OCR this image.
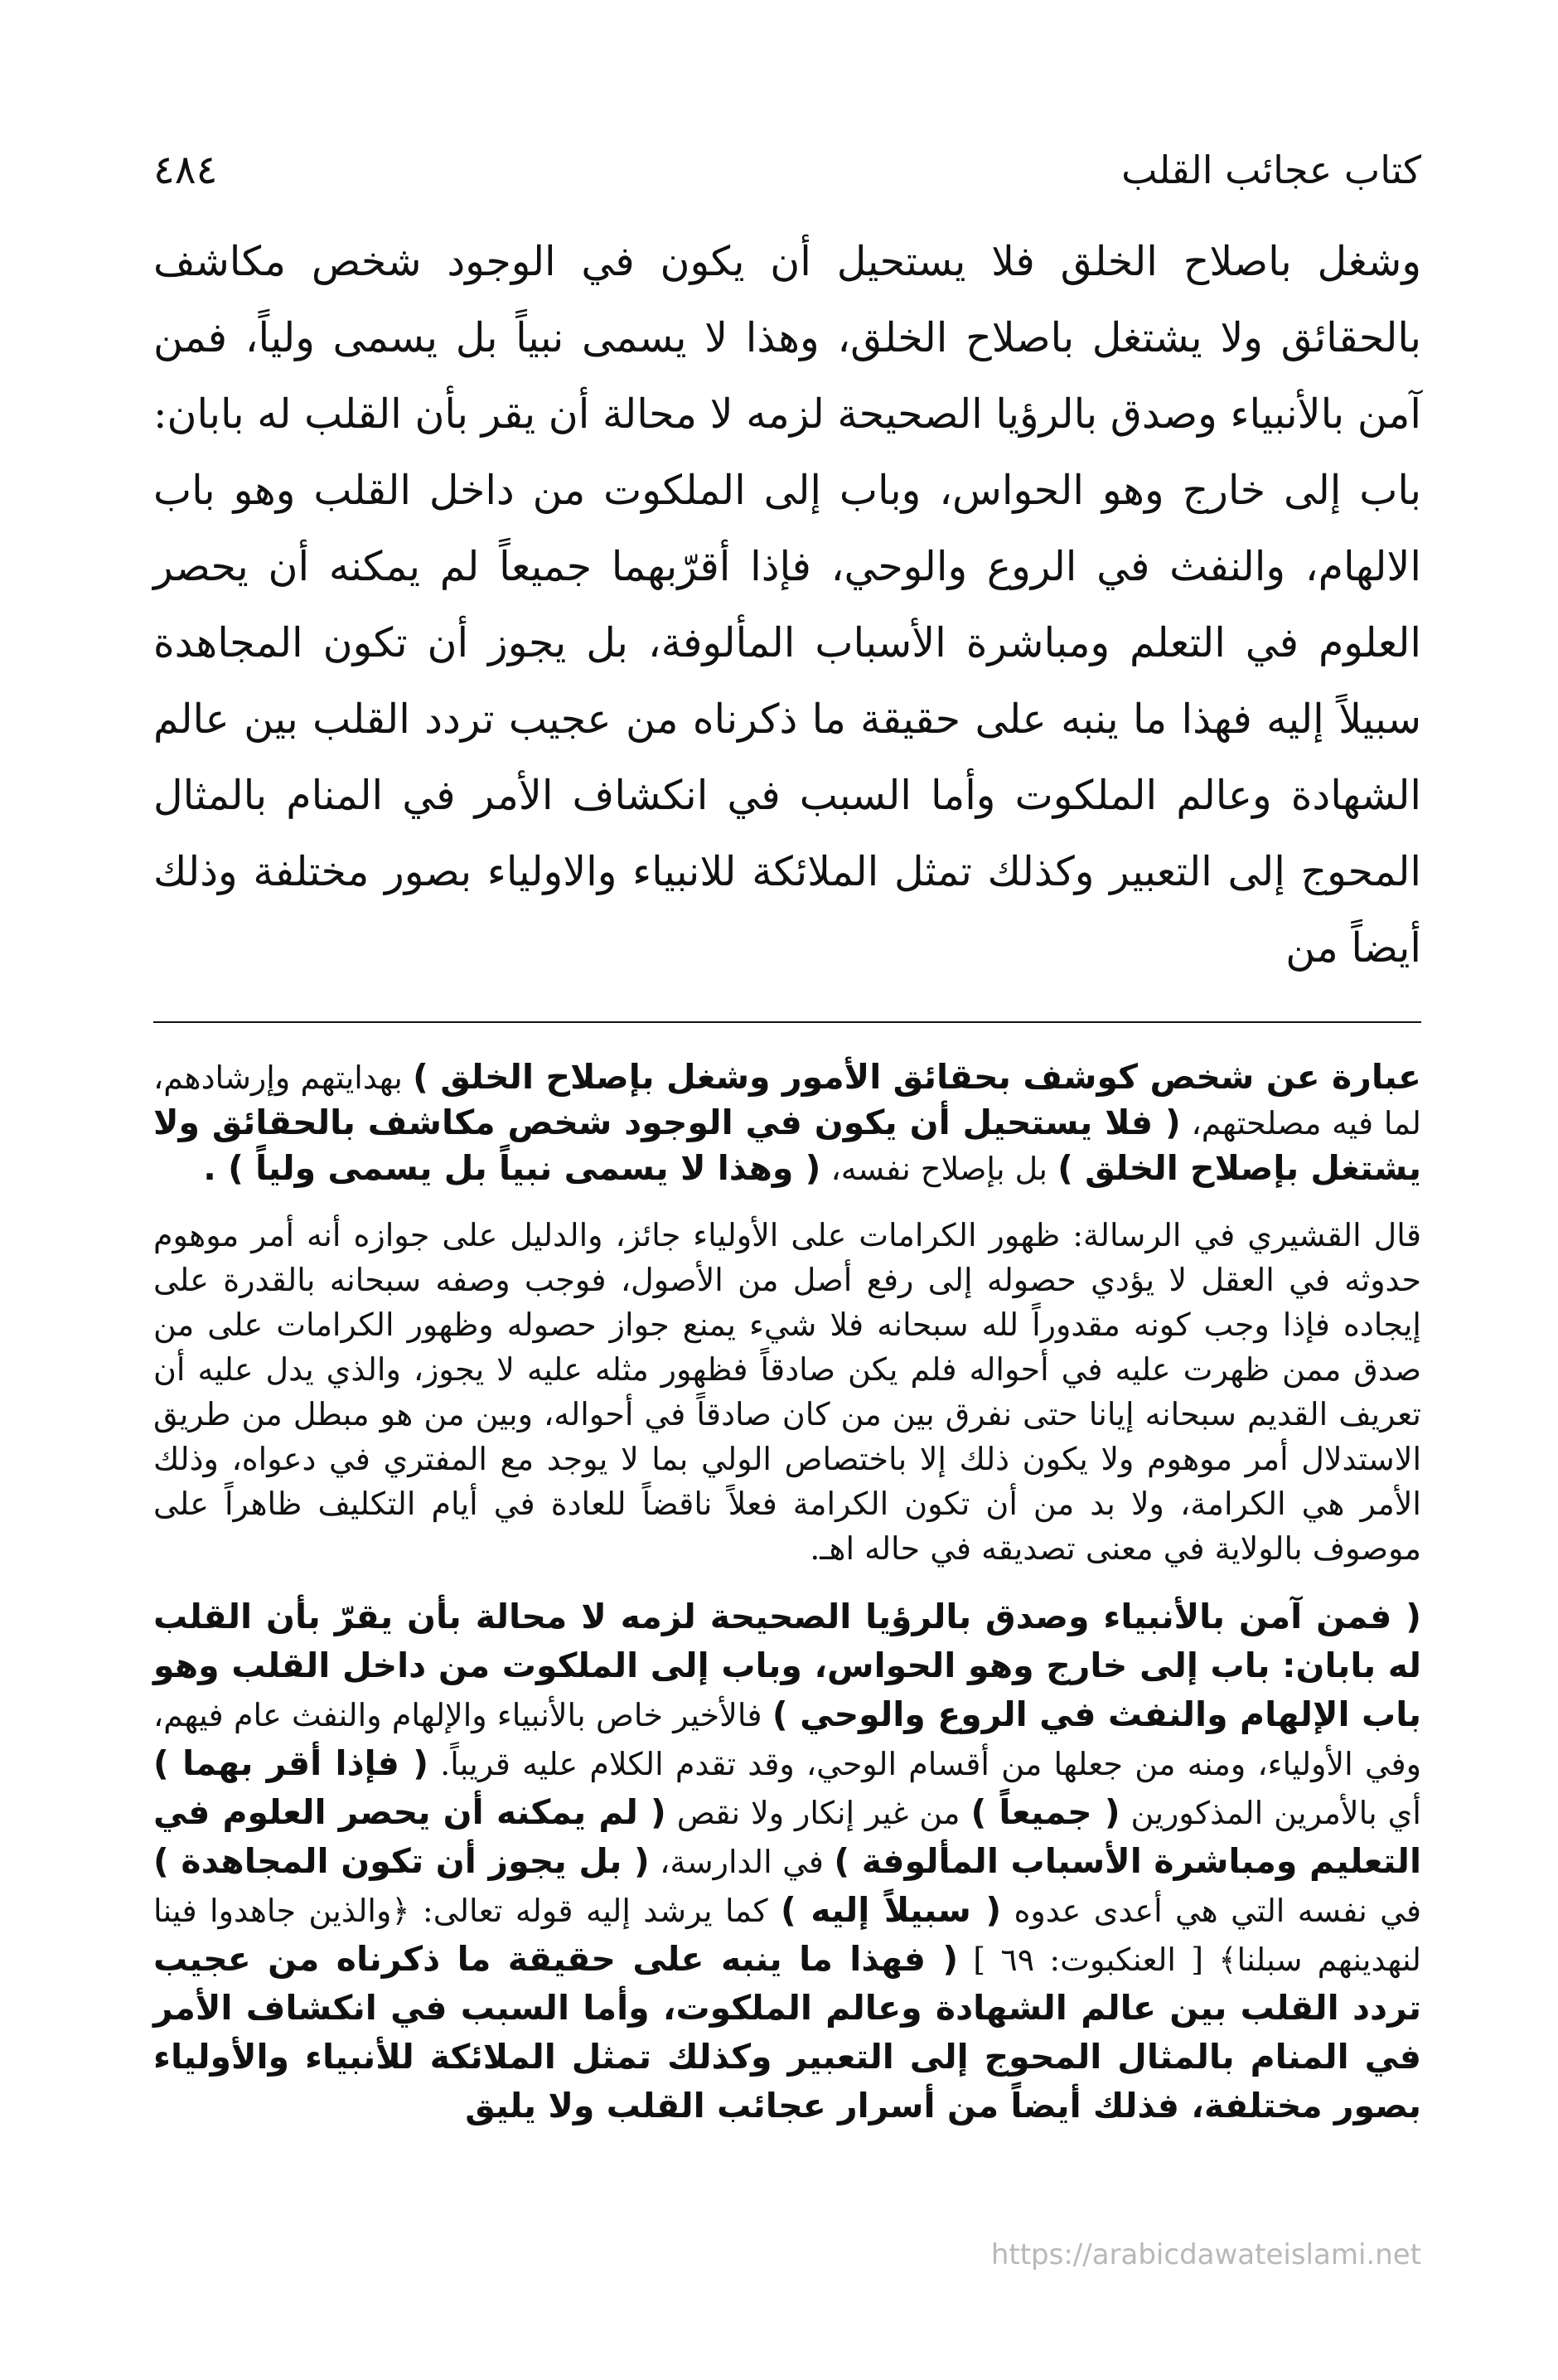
كتاب عجائب القلب
٤٨٤

وشغل باصلاح الخلق فلا يستحيل أن يكون في الوجود شخص مكاشف بالحقائق ولا يشتغل باصلاح الخلق، وهذا لا يسمى نبياً بل يسمى ولياً، فمن آمن بالأنبياء وصدق بالرؤيا الصحيحة لزمه لا محالة أن يقر بأن القلب له بابان: باب إلى خارج وهو الحواس، وباب إلى الملكوت من داخل القلب وهو باب الالهام، والنفث في الروع والوحي، فإذا أقرّبهما جميعاً لم يمكنه أن يحصر العلوم في التعلم ومباشرة الأسباب المألوفة، بل يجوز أن تكون المجاهدة سبيلاً إليه فهذا ما ينبه على حقيقة ما ذكرناه من عجيب تردد القلب بين عالم الشهادة وعالم الملكوت وأما السبب في انكشاف الأمر في المنام بالمثال المحوج إلى التعبير وكذلك تمثل الملائكة للانبياء والاولياء بصور مختلفة وذلك أيضاً من

عبارة عن شخص كوشف بحقائق الأمور وشغل بإصلاح الخلق ) بهدايتهم وإرشادهم، لما فيه مصلحتهم، ( فلا يستحيل أن يكون في الوجود شخص مكاشف بالحقائق ولا يشتغل بإصلاح الخلق ) بل بإصلاح نفسه، ( وهذا لا يسمى نبياً بل يسمى ولياً ) .

قال القشيري في الرسالة: ظهور الكرامات على الأولياء جائز، والدليل على جوازه أنه أمر موهوم حدوثه في العقل لا يؤدي حصوله إلى رفع أصل من الأصول، فوجب وصفه سبحانه بالقدرة على إيجاده فإذا وجب كونه مقدوراً لله سبحانه فلا شيء يمنع جواز حصوله وظهور الكرامات على من صدق ممن ظهرت عليه في أحواله فلم يكن صادقاً فظهور مثله عليه لا يجوز، والذي يدل عليه أن تعريف القديم سبحانه إيانا حتى نفرق بين من كان صادقاً في أحواله، وبين من هو مبطل من طريق الاستدلال أمر موهوم ولا يكون ذلك إلا باختصاص الولي بما لا يوجد مع المفتري في دعواه، وذلك الأمر هي الكرامة، ولا بد من أن تكون الكرامة فعلاً ناقضاً للعادة في أيام التكليف ظاهراً على موصوف بالولاية في معنى تصديقه في حاله اهـ.

( فمن آمن بالأنبياء وصدق بالرؤيا الصحيحة لزمه لا محالة بأن يقرّ بأن القلب له بابان: باب إلى خارج وهو الحواس، وباب إلى الملكوت من داخل القلب وهو باب الإلهام والنفث في الروع والوحي ) فالأخير خاص بالأنبياء والإلهام والنفث عام فيهم، وفي الأولياء، ومنه من جعلها من أقسام الوحي، وقد تقدم الكلام عليه قريباً. ( فإذا أقر بهما ) أي بالأمرين المذكورين ( جميعاً ) من غير إنكار ولا نقص ( لم يمكنه أن يحصر العلوم في التعليم ومباشرة الأسباب المألوفة ) في الدارسة، ( بل يجوز أن تكون المجاهدة ) في نفسه التي هي أعدى عدوه ( سبيلاً إليه ) كما يرشد إليه قوله تعالى: ﴿والذين جاهدوا فينا لنهدينهم سبلنا﴾ [ العنكبوت: ٦٩ ] ( فهذا ما ينبه على حقيقة ما ذكرناه من عجيب تردد القلب بين عالم الشهادة وعالم الملكوت، وأما السبب في انكشاف الأمر في المنام بالمثال المحوج إلى التعبير وكذلك تمثل الملائكة للأنبياء والأولياء بصور مختلفة، فذلك أيضاً من أسرار عجائب القلب ولا يليق

https://arabicdawateislami.net
